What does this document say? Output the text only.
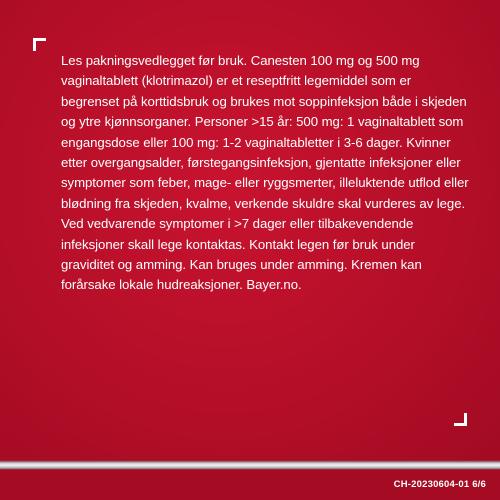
Les pakningsvedlegget før bruk. Canesten 100 mg og 500 mg vaginaltablett (klotrimazol) er et reseptfritt legemiddel som er begrenset på korttidsbruk og brukes mot soppinfeksjon både i skjeden og ytre kjønnsorganer. Personer >15 år: 500 mg: 1 vaginaltablett som engangsdose eller 100 mg: 1-2 vaginaltabletter i 3-6 dager. Kvinner etter overgangsalder, førstegangsinfeksjon, gjentatte infeksjoner eller symptomer som feber, mage- eller ryggsmerter, illeluktende utflod eller blødning fra skjeden, kvalme, verkende skuldre skal vurderes av lege. Ved vedvarende symptomer i >7 dager eller tilbakevendende infeksjoner skall lege kontaktas. Kontakt legen før bruk under graviditet og amming. Kan bruges under amming. Kremen kan forårsake lokale hudreaksjoner. Bayer.no.

CH-20230604-01 6/6
